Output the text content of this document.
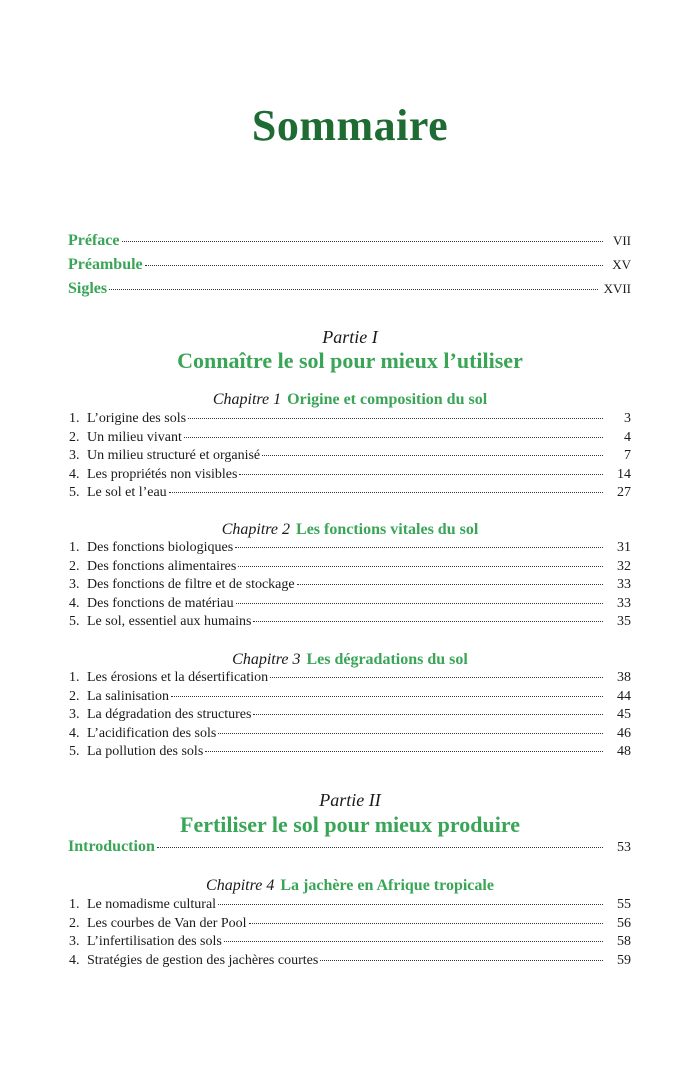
Sommaire
Préface	VII
Préambule	XV
Sigles	XVII
Partie I
Connaître le sol pour mieux l’utiliser
Chapitre 1 Origine et composition du sol
1. L’origine des sols	3
2. Un milieu vivant	4
3. Un milieu structuré et organisé	7
4. Les propriétés non visibles	14
5. Le sol et l’eau	27
Chapitre 2 Les fonctions vitales du sol
1. Des fonctions biologiques	31
2. Des fonctions alimentaires	32
3. Des fonctions de filtre et de stockage	33
4. Des fonctions de matériau	33
5. Le sol, essentiel aux humains	35
Chapitre 3 Les dégradations du sol
1. Les érosions et la désertification	38
2. La salinisation	44
3. La dégradation des structures	45
4. L’acidification des sols	46
5. La pollution des sols	48
Partie II
Fertiliser le sol pour mieux produire
Introduction	53
Chapitre 4 La jachère en Afrique tropicale
1. Le nomadisme cultural	55
2. Les courbes de Van der Pool	56
3. L’infertilisation des sols	58
4. Stratégies de gestion des jachères courtes	59
